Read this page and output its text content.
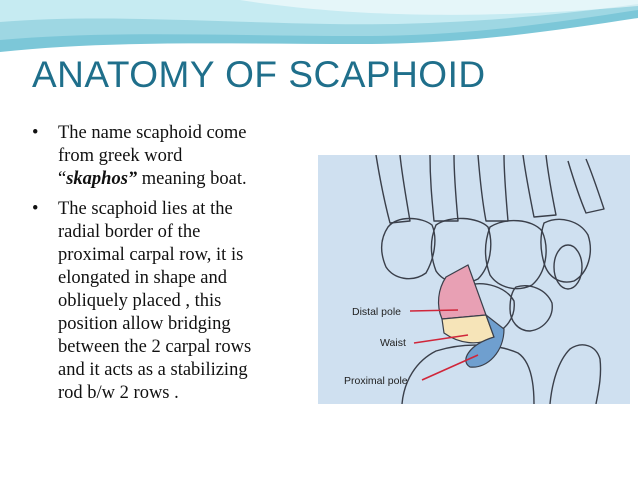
ANATOMY OF SCAPHOID
• The name scaphoid come
from greek word
“skaphos” meaning boat.
• The scaphoid lies at the
radial border of the
proximal carpal row, it is
elongated in shape and
obliquely placed , this
position allow bridging
between the 2 carpal rows
and it acts as a stabilizing
rod b/w 2 rows .
Distal pole
Waist
Proximal pole
